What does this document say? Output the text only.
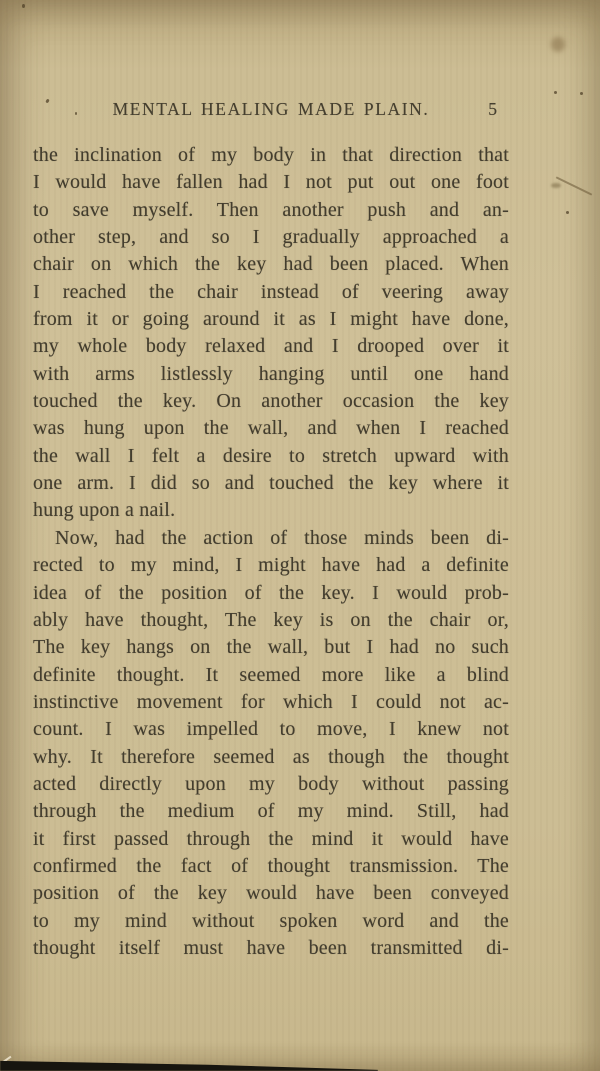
MENTAL HEALING MADE PLAIN.	5
the inclination of my body in that direction that
I would have fallen had I not put out one foot
to save myself. Then another push and an-
other step, and so I gradually approached a
chair on which the key had been placed. When
I reached the chair instead of veering away
from it or going around it as I might have done,
my whole body relaxed and I drooped over it
with arms listlessly hanging until one hand
touched the key. On another occasion the key
was hung upon the wall, and when I reached
the wall I felt a desire to stretch upward with
one arm. I did so and touched the key where it
hung upon a nail.
Now, had the action of those minds been di-
rected to my mind, I might have had a definite
idea of the position of the key. I would prob-
ably have thought, The key is on the chair or,
The key hangs on the wall, but I had no such
definite thought. It seemed more like a blind
instinctive movement for which I could not ac-
count. I was impelled to move, I knew not
why. It therefore seemed as though the thought
acted directly upon my body without passing
through the medium of my mind. Still, had
it first passed through the mind it would have
confirmed the fact of thought transmission. The
position of the key would have been conveyed
to my mind without spoken word and the
thought itself must have been transmitted di-
